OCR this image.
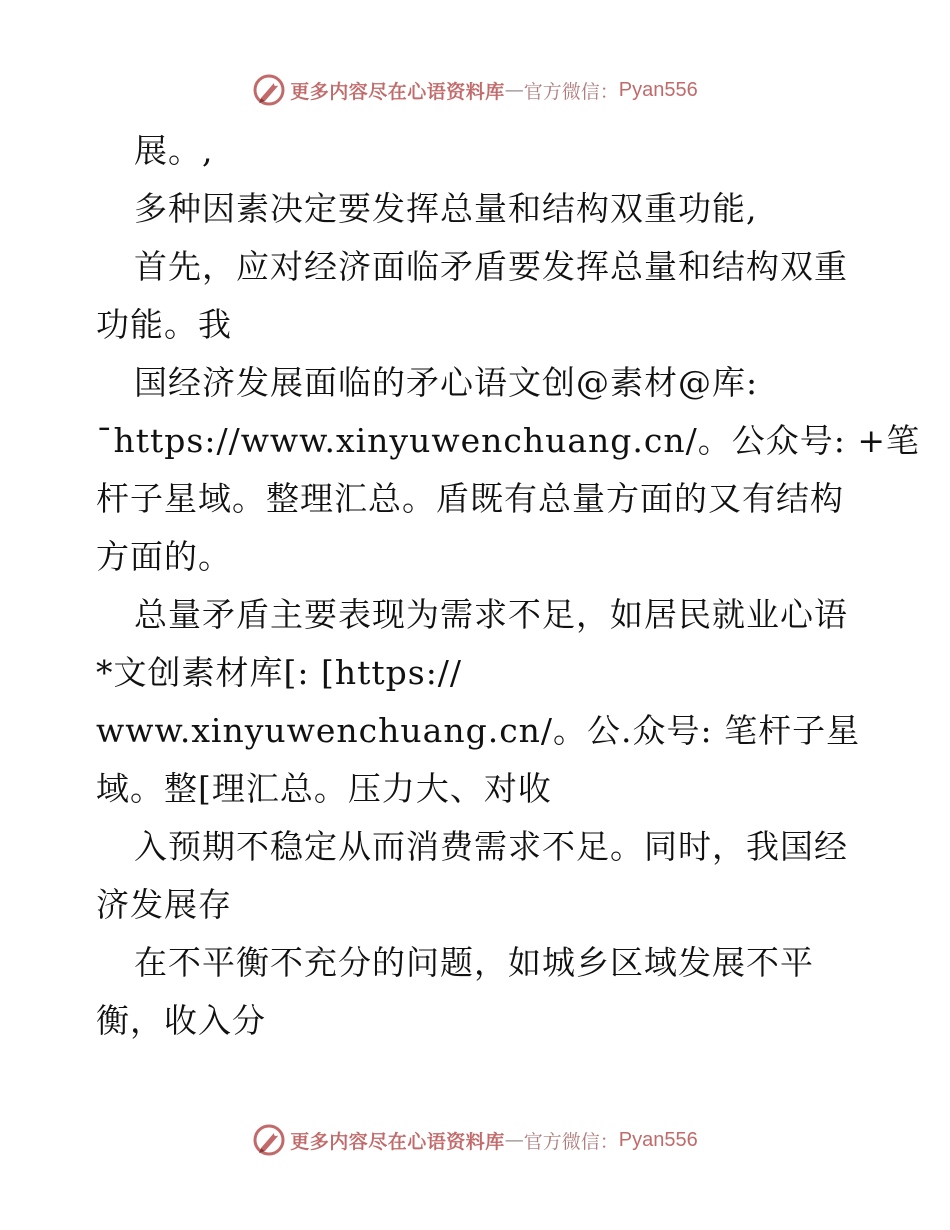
更多内容尽在心语资料库 — 官方微信： Pyan556
展。,
多种因素决定要发挥总量和结构双重功能,
首先，应对经济面临矛盾要发挥总量和结构双重
功能。我
国经济发展面临的矛心语文创@素材@库:
¯https://www.xinyuwenchuang.cn/。公众号: +笔
杆子星域。整理汇总。盾既有总量方面的又有结构
方面的。
总量矛盾主要表现为需求不足，如居民就业心语
*文创素材库[: [https://
www.xinyuwenchuang.cn/。公.众号: 笔杆子星
域。整[理汇总。压力大、对收
入预期不稳定从而消费需求不足。同时，我国经
济发展存
在不平衡不充分的问题，如城乡区域发展不平
衡，收入分
更多内容尽在心语资料库 — 官方微信： Pyan556
